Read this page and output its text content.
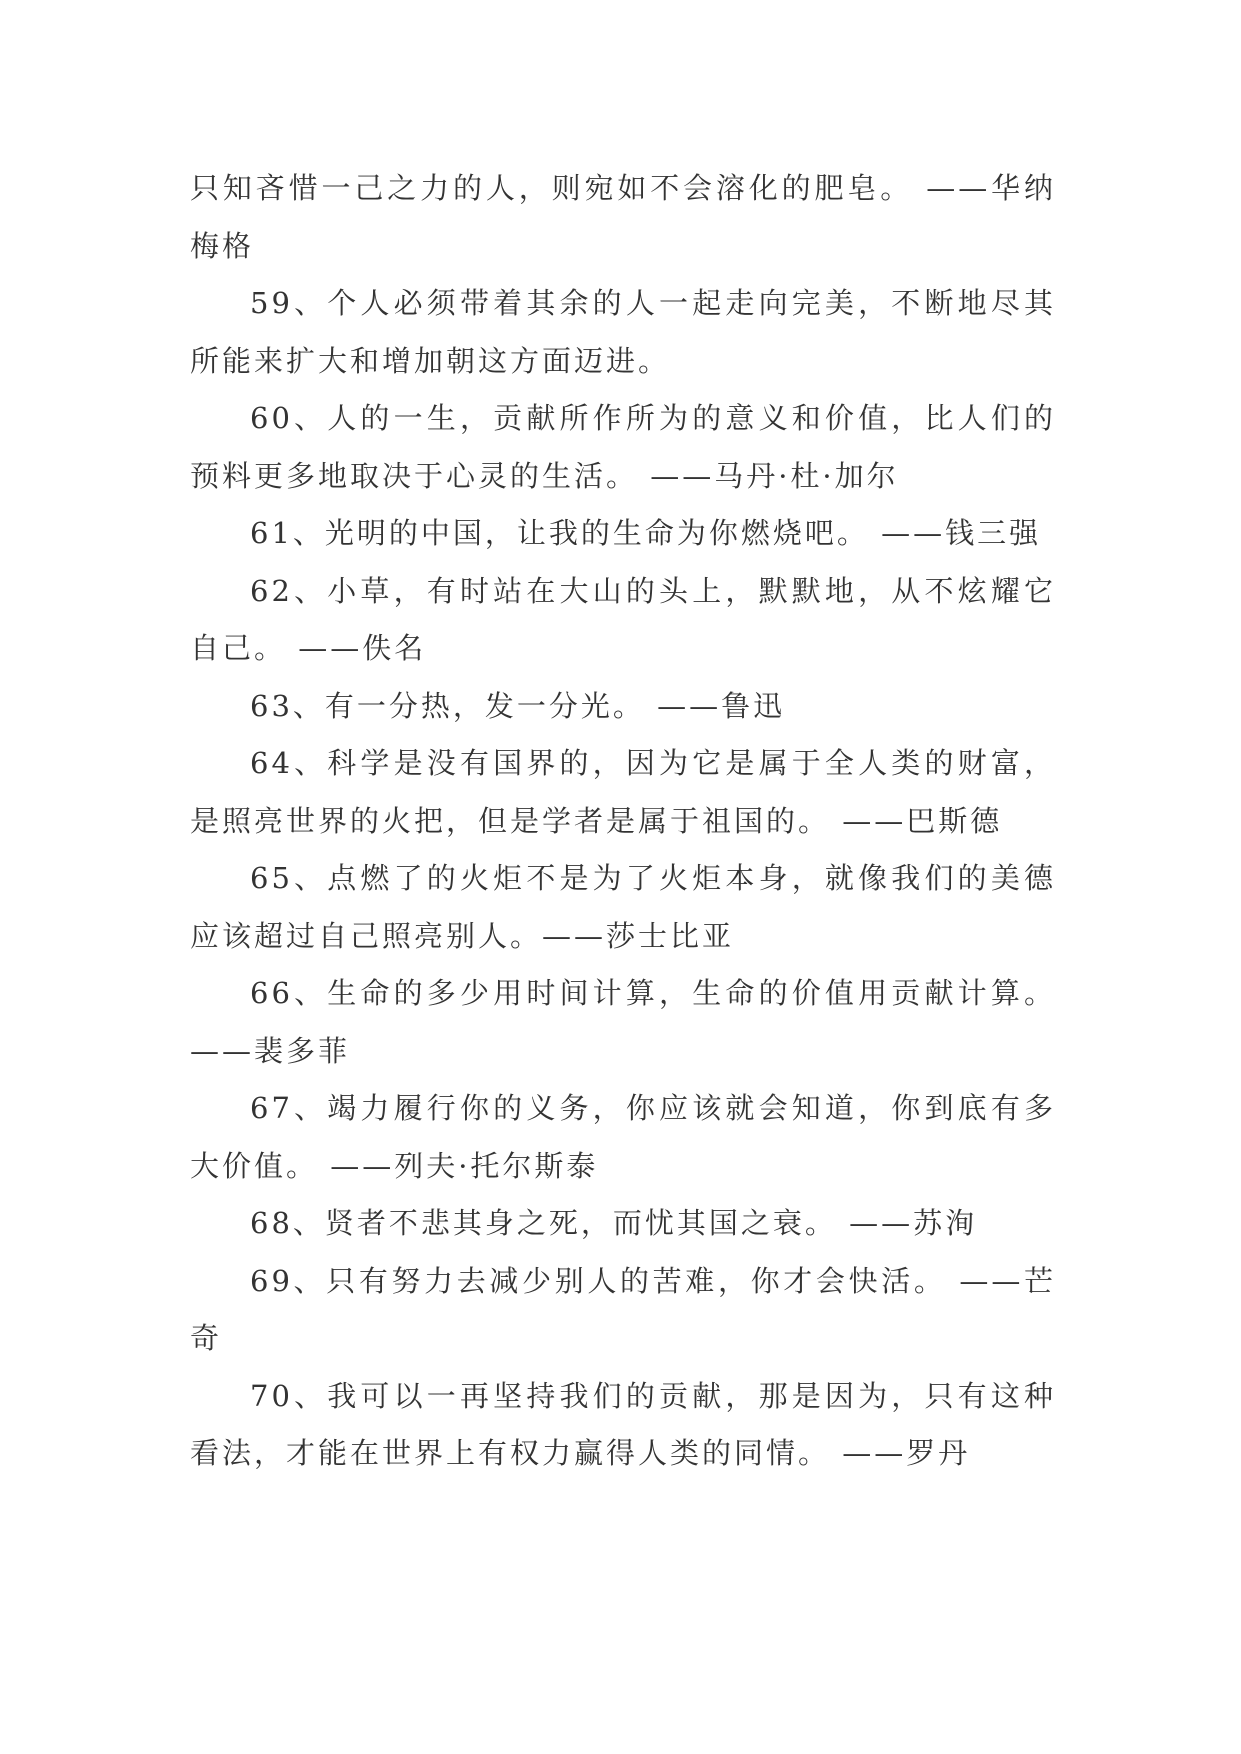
只知吝惜一己之力的人，则宛如不会溶化的肥皂。 ——华纳梅格

59、个人必须带着其余的人一起走向完美，不断地尽其所能来扩大和增加朝这方面迈进。

60、人的一生，贡献所作所为的意义和价值，比人们的预料更多地取决于心灵的生活。 ——马丹·杜·加尔

61、光明的中国，让我的生命为你燃烧吧。 ——钱三强

62、小草，有时站在大山的头上，默默地，从不炫耀它自己。 ——佚名

63、有一分热，发一分光。 ——鲁迅

64、科学是没有国界的，因为它是属于全人类的财富，是照亮世界的火把，但是学者是属于祖国的。 ——巴斯德

65、点燃了的火炬不是为了火炬本身，就像我们的美德应该超过自己照亮别人。——莎士比亚

66、生命的多少用时间计算，生命的价值用贡献计算。——裴多菲

67、竭力履行你的义务，你应该就会知道，你到底有多大价值。 ——列夫·托尔斯泰

68、贤者不悲其身之死，而忧其国之衰。 ——苏洵

69、只有努力去减少别人的苦难，你才会快活。 ——芒奇

70、我可以一再坚持我们的贡献，那是因为，只有这种看法，才能在世界上有权力赢得人类的同情。 ——罗丹
